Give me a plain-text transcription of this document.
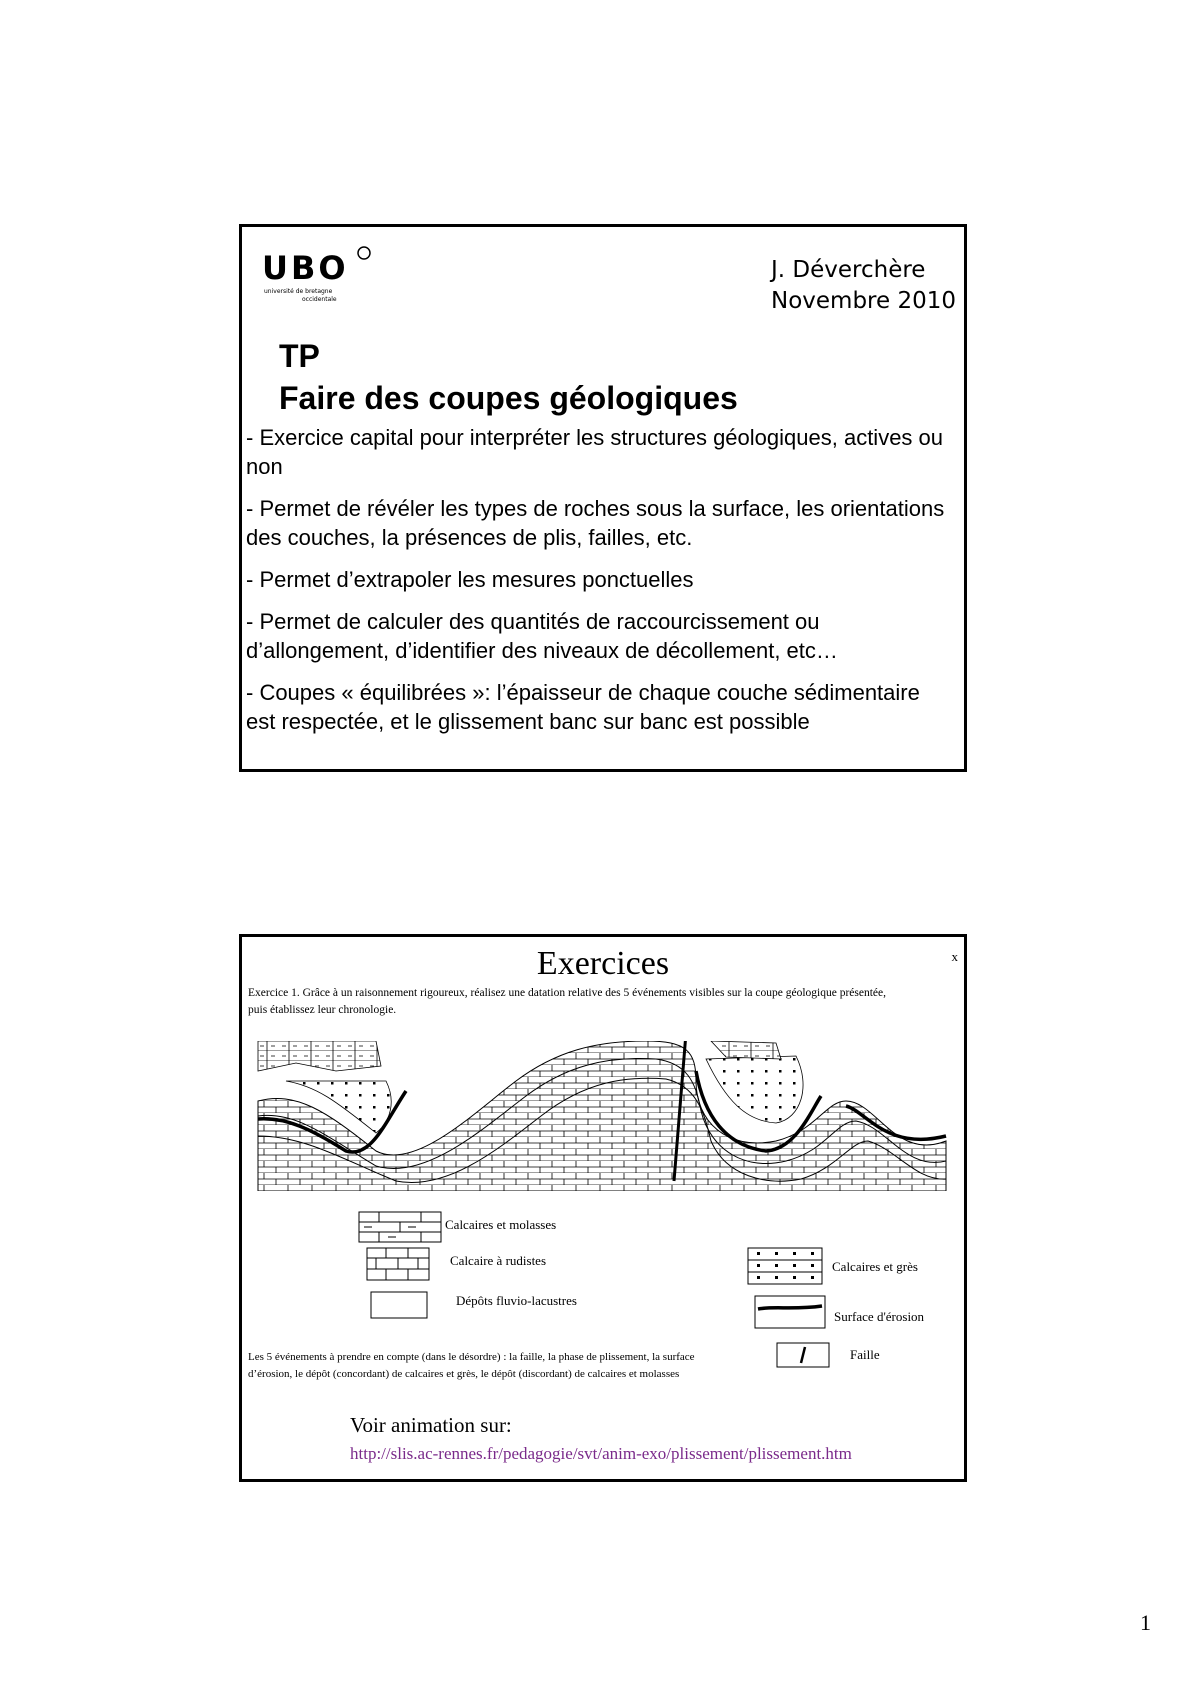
UBO
université de bretagne
occidentale
J. Déverchère
Novembre 2010
TP
Faire des coupes géologiques

- Exercice capital pour interpréter les structures géologiques, actives ou non

- Permet de révéler les types de roches sous la surface, les orientations des couches, la présences de plis, failles, etc.

- Permet d’extrapoler les mesures ponctuelles

- Permet de calculer des quantités de raccourcissement ou d’allongement, d’identifier des niveaux de décollement, etc…

- Coupes « équilibrées »: l’épaisseur de chaque couche sédimentaire est respectée, et le glissement banc sur banc est possible

Exercices	x
Exercice 1. Grâce à un raisonnement rigoureux, réalisez une datation relative des 5 événements visibles sur la coupe géologique présentée, puis établissez leur chronologie.
Calcaires et molasses
Calcaire à rudistes
Dépôts fluvio-lacustres
Calcaires et grès
Surface d'érosion
Faille
Les 5 événements à prendre en compte (dans le désordre) : la faille, la phase de plissement, la surface d’érosion, le dépôt (concordant) de calcaires et grès, le dépôt (discordant) de calcaires et molasses
Voir animation sur:
http://slis.ac-rennes.fr/pedagogie/svt/anim-exo/plissement/plissement.htm
1
